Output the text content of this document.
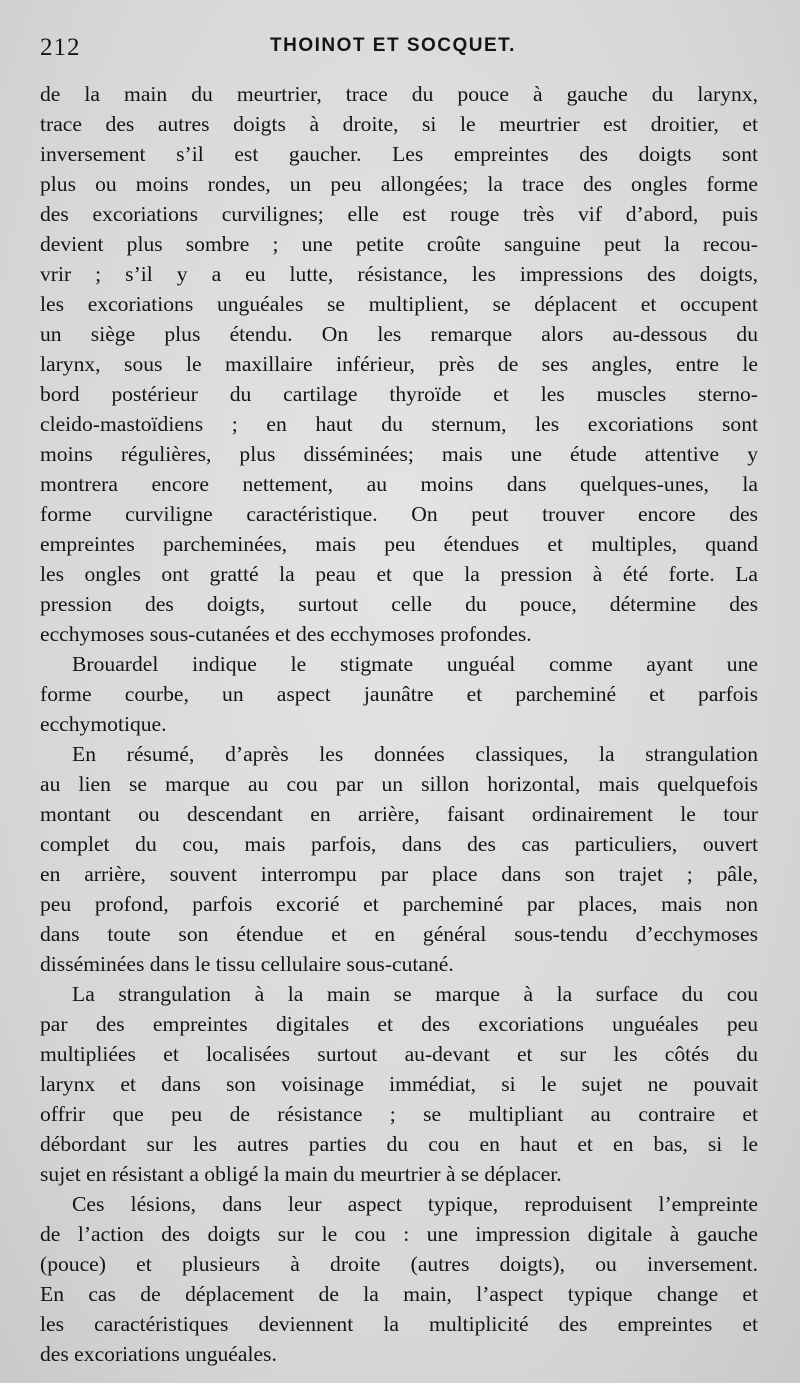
212	THOINOT ET SOCQUET.
de la main du meurtrier, trace du pouce à gauche du larynx,
trace des autres doigts à droite, si le meurtrier est droitier, et
inversement s’il est gaucher. Les empreintes des doigts sont
plus ou moins rondes, un peu allongées; la trace des ongles forme
des excoriations curvilignes; elle est rouge très vif d’abord, puis
devient plus sombre ; une petite croûte sanguine peut la recou-
vrir ; s’il y a eu lutte, résistance, les impressions des doigts,
les excoriations unguéales se multiplient, se déplacent et occupent
un siège plus étendu. On les remarque alors au-dessous du
larynx, sous le maxillaire inférieur, près de ses angles, entre le
bord postérieur du cartilage thyroïde et les muscles sterno-
cleido-mastoïdiens ; en haut du sternum, les excoriations sont
moins régulières, plus disséminées; mais une étude attentive y
montrera encore nettement, au moins dans quelques-unes, la
forme curviligne caractéristique. On peut trouver encore des
empreintes parcheminées, mais peu étendues et multiples, quand
les ongles ont gratté la peau et que la pression à été forte. La
pression des doigts, surtout celle du pouce, détermine des
ecchymoses sous-cutanées et des ecchymoses profondes.
Brouardel indique le stigmate unguéal comme ayant une
forme courbe, un aspect jaunâtre et parcheminé et parfois
ecchymotique.
En résumé, d’après les données classiques, la strangulation
au lien se marque au cou par un sillon horizontal, mais quelquefois
montant ou descendant en arrière, faisant ordinairement le tour
complet du cou, mais parfois, dans des cas particuliers, ouvert
en arrière, souvent interrompu par place dans son trajet ; pâle,
peu profond, parfois excorié et parcheminé par places, mais non
dans toute son étendue et en général sous-tendu d’ecchymoses
disséminées dans le tissu cellulaire sous-cutané.
La strangulation à la main se marque à la surface du cou
par des empreintes digitales et des excoriations unguéales peu
multipliées et localisées surtout au-devant et sur les côtés du
larynx et dans son voisinage immédiat, si le sujet ne pouvait
offrir que peu de résistance ; se multipliant au contraire et
débordant sur les autres parties du cou en haut et en bas, si le
sujet en résistant a obligé la main du meurtrier à se déplacer.
Ces lésions, dans leur aspect typique, reproduisent l’empreinte
de l’action des doigts sur le cou : une impression digitale à gauche
(pouce) et plusieurs à droite (autres doigts), ou inversement.
En cas de déplacement de la main, l’aspect typique change et
les caractéristiques deviennent la multiplicité des empreintes et
des excoriations unguéales.
